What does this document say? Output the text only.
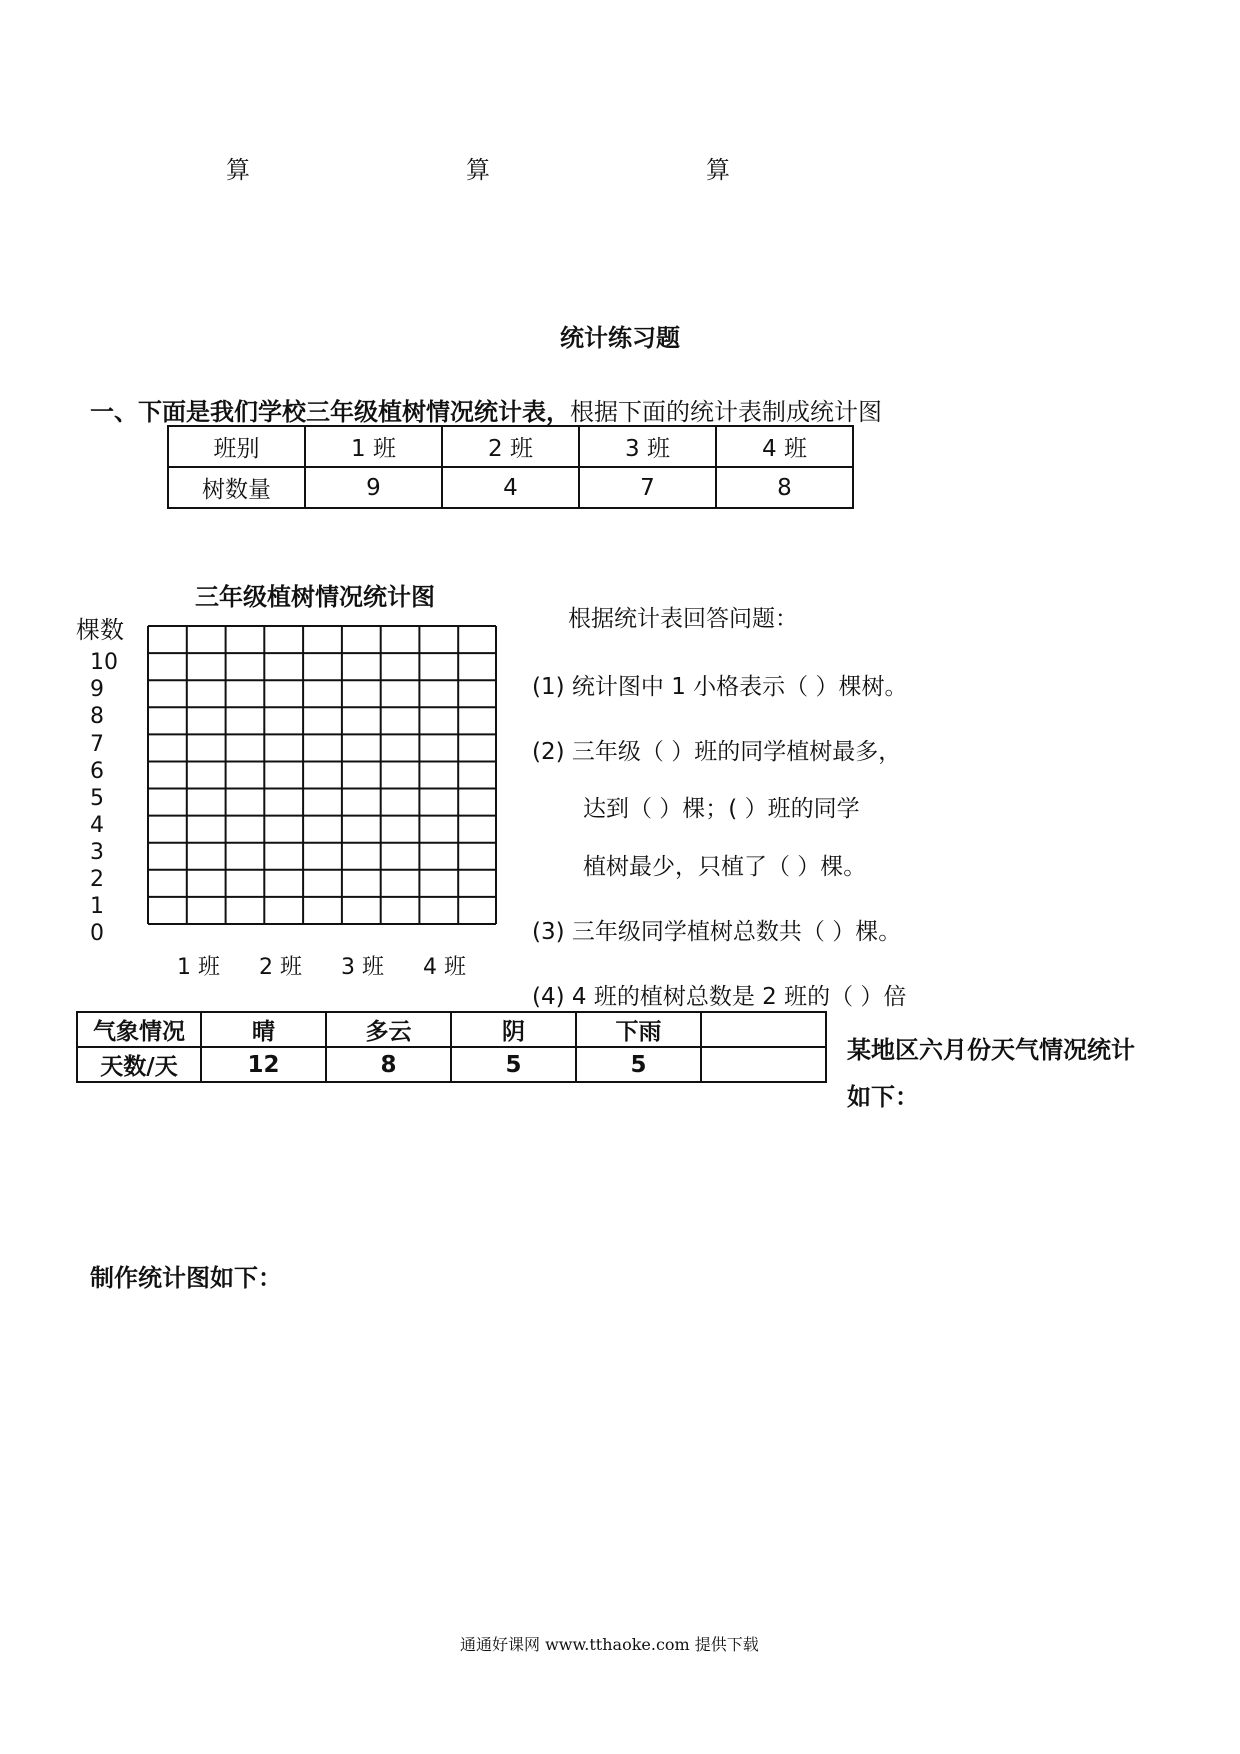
算	算	算
统计练习题
一、下面是我们学校三年级植树情况统计表，根据下面的统计表制成统计图
班别	1 班	2 班	3 班	4 班
树数量	9	4	7	8
三年级植树情况统计图
棵数
10
9
8
7
6
5
4
3
2
1
0
1 班 2 班 3 班 4 班
根据统计表回答问题：
(1) 统计图中 1 小格表示（ ）棵树。
(2) 三年级（ ）班的同学植树最多，
达到（ ）棵；( ）班的同学
植树最少，只植了（ ）棵。
(3) 三年级同学植树总数共（ ）棵。
(4) 4 班的植树总数是 2 班的（ ）倍
气象情况	晴	多云	阴	下雨	
天数/天	12	8	5	5	
某地区六月份天气情况统计
如下：
制作统计图如下：
通通好课网 www.tthaoke.com 提供下载
